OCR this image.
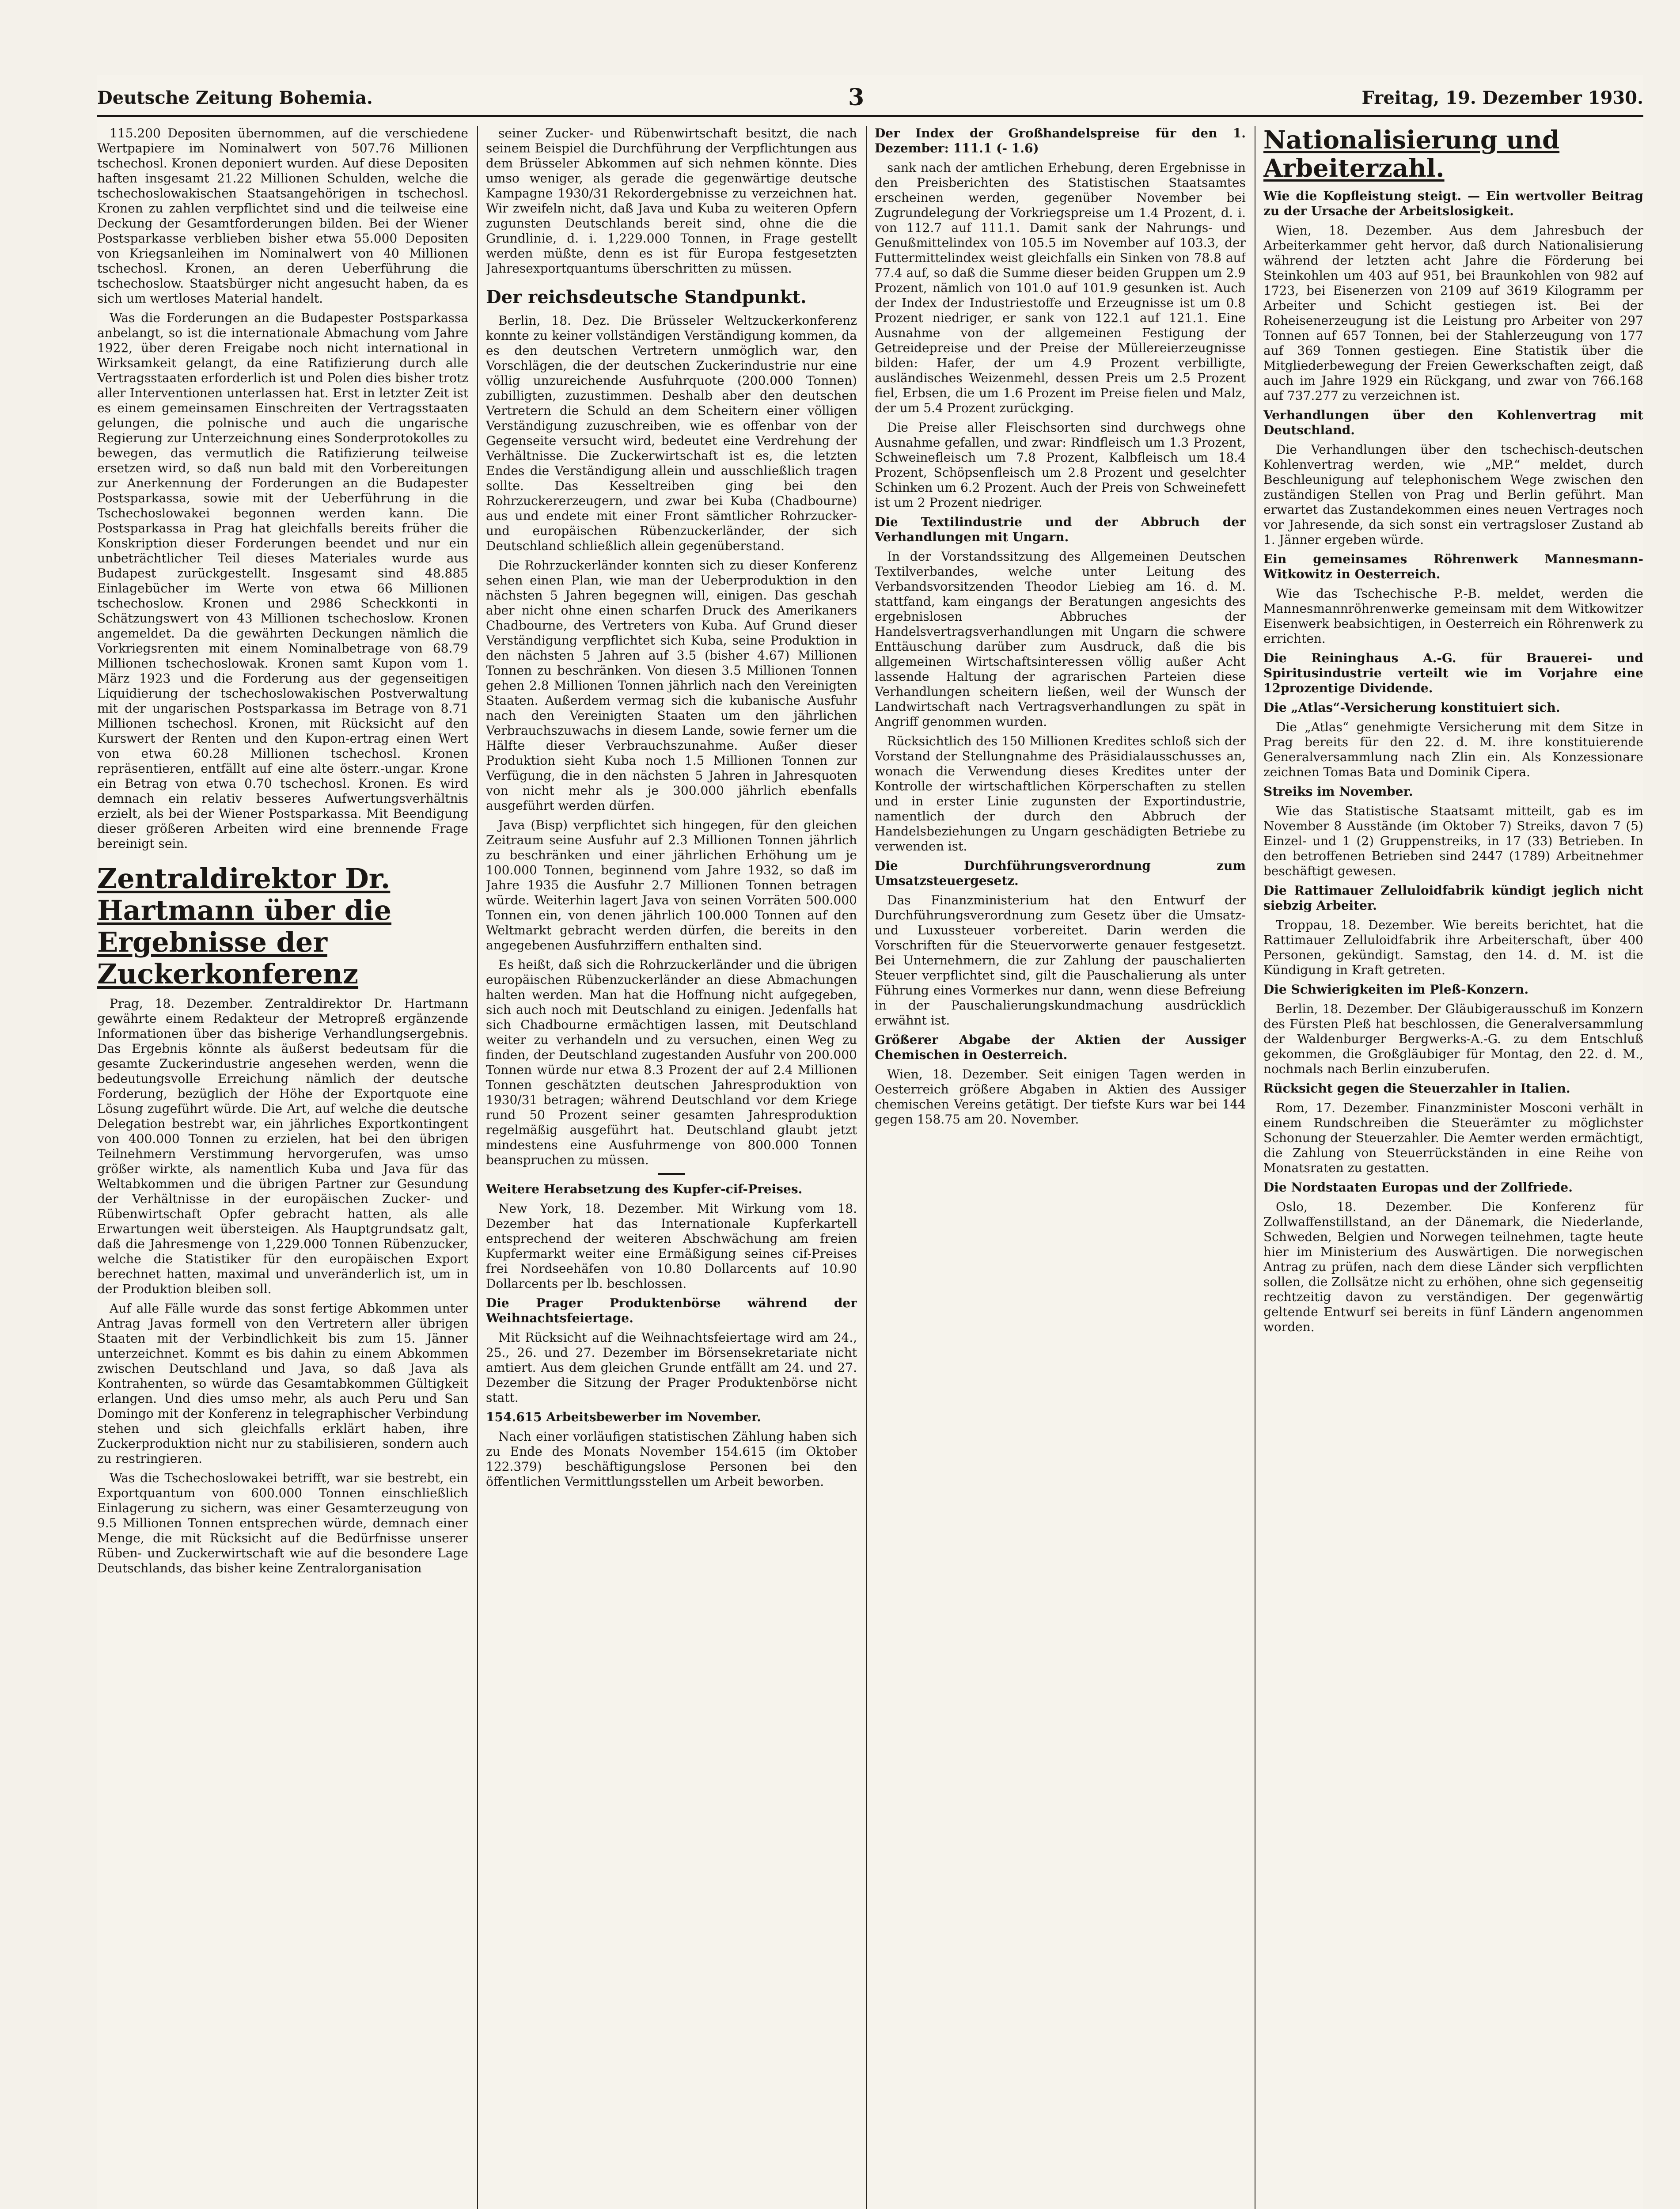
Deutsche Zeitung Bohemia.	3	Freitag, 19. Dezember 1930.

115.200 Depositen übernommen, auf die verschiedene Wertpapiere im Nominalwert von 507.76 Millionen tschechosl. Kronen deponiert wurden. Auf diese Depositen haften insgesamt 21.22 Millionen Schulden, welche die tschechoslowakischen Staatsangehörigen in tschechosl. Kronen zu zahlen verpflichtet sind und die teilweise eine Deckung der Gesamtforderungen bilden. Bei der Wiener Postsparkasse verblieben bisher etwa 55.000 Depositen von Kriegsanleihen im Nominalwert von 40 Millionen tschechosl. Kronen, an deren Ueberführung die tschechoslow. Staatsbürger nicht angesucht haben, da es sich um wertloses Material handelt.

Was die Forderungen an die Budapester Postsparkassa anbelangt, so ist die internationale Abmachung vom Jahre 1922, über deren Freigabe noch nicht international in Wirksamkeit gelangt, da eine Ratifizierung durch alle Vertragsstaaten erforderlich ist und Polen dies bisher trotz aller Interventionen unterlassen hat. Erst in letzter Zeit ist es einem gemeinsamen Einschreiten der Vertragsstaaten gelungen, die polnische und auch die ungarische Regierung zur Unterzeichnung eines Sonderprotokolles zu bewegen, das vermutlich die Ratifizierung teilweise ersetzen wird, so daß nun bald mit den Vorbereitungen zur Anerkennung der Forderungen an die Budapester Postsparkassa, sowie mit der Ueberführung in die Tschechoslowakei begonnen werden kann. Die Postsparkassa in Prag hat gleichfalls bereits früher die Konskription dieser Forderungen beendet und nur ein unbeträchtlicher Teil dieses Materiales wurde aus Budapest zurückgestellt. Insgesamt sind 48.885 Einlagebücher im Werte von etwa 66 Millionen tschechoslow. Kronen und 2986 Scheckkonti in Schätzungswert von 43 Millionen tschechoslow. Kronen angemeldet. Da die gewährten Deckungen nämlich die Vorkriegsrenten mit einem Nominalbetrage von 68.79 Millionen tschechoslowak. Kronen samt Kupon vom 1. März 1923 und die Forderung aus der gegenseitigen Liquidierung der tschechoslowakischen Postverwaltung mit der ungarischen Postsparkassa im Betrage von 8.71 Millionen tschechosl. Kronen, mit Rücksicht auf den Kurswert der Renten und den Kupon-ertrag einen Wert von etwa 60.28 Millionen tschechosl. Kronen repräsentieren, entfällt auf eine alte österr.-ungar. Krone ein Betrag von etwa 0.70 tschechosl. Kronen. Es wird demnach ein relativ besseres Aufwertungsverhältnis erzielt, als bei der Wiener Postsparkassa. Mit Beendigung dieser größeren Arbeiten wird eine brennende Frage bereinigt sein.

Zentraldirektor Dr. Hartmann über die Ergebnisse der Zuckerkonferenz

Prag, 18. Dezember. Zentraldirektor Dr. Hartmann gewährte einem Redakteur der Metropreß ergänzende Informationen über das bisherige Verhandlungsergebnis. Das Ergebnis könnte als äußerst bedeutsam für die gesamte Zuckerindustrie angesehen werden, wenn die bedeutungsvolle Erreichung nämlich der deutsche Forderung, bezüglich der Höhe der Exportquote eine Lösung zugeführt würde. Die Art, auf welche die deutsche Delegation bestrebt war, ein jährliches Exportkontingent von 400.000 Tonnen zu erzielen, hat bei den übrigen Teilnehmern Verstimmung hervorgerufen, was umso größer wirkte, als namentlich Kuba und Java für das Weltabkommen und die übrigen Partner zur Gesundung der Verhältnisse in der europäischen Zucker- und Rübenwirtschaft Opfer gebracht hatten, als alle Erwartungen weit übersteigen. Als Hauptgrundsatz galt, daß die Jahresmenge von 1,229.000 Tonnen Rübenzucker, welche die Statistiker für den europäischen Export berechnet hatten, maximal und unveränderlich ist, um in der Produktion bleiben soll.

Auf alle Fälle wurde das sonst fertige Abkommen unter Antrag Javas formell von den Vertretern aller übrigen Staaten mit der Verbindlichkeit bis zum 15. Jänner unterzeichnet. Kommt es bis dahin zu einem Abkommen zwischen Deutschland und Java, so daß Java als Kontrahenten, so würde das Gesamtabkommen Gültigkeit erlangen. Und dies umso mehr, als auch Peru und San Domingo mit der Konferenz in telegraphischer Verbindung stehen und sich gleichfalls erklärt haben, ihre Zuckerproduktion nicht nur zu stabilisieren, sondern auch zu restringieren.

Was die Tschechoslowakei betrifft, war sie bestrebt, ein Exportquantum von 600.000 Tonnen einschließlich Einlagerung zu sichern, was einer Gesamterzeugung von 9.5 Millionen Tonnen entsprechen würde, demnach einer Menge, die mit Rücksicht auf die Bedürfnisse unserer Rüben- und Zuckerwirtschaft wie auf die besondere Lage Deutschlands, das bisher keine Zentralorganisation

seiner Zucker- und Rübenwirtschaft besitzt, die nach seinem Beispiel die Durchführung der Verpflichtungen aus dem Brüsseler Abkommen auf sich nehmen könnte. Dies umso weniger, als gerade die gegenwärtige deutsche Kampagne 1930/31 Rekordergebnisse zu verzeichnen hat. Wir zweifeln nicht, daß Java und Kuba zu weiteren Opfern zugunsten Deutschlands bereit sind, ohne die die Grundlinie, d. i. 1,229.000 Tonnen, in Frage gestellt werden müßte, denn es ist für Europa festgesetzten Jahresexportquantums überschritten zu müssen.

Der reichsdeutsche Standpunkt.

Berlin, 18. Dez. Die Brüsseler Weltzuckerkonferenz konnte zu keiner vollständigen Verständigung kommen, da es den deutschen Vertretern unmöglich war, den Vorschlägen, die der deutschen Zuckerindustrie nur eine völlig unzureichende Ausfuhrquote (200.000 Tonnen) zubilligten, zuzustimmen. Deshalb aber den deutschen Vertretern die Schuld an dem Scheitern einer völligen Verständigung zuzuschreiben, wie es offenbar von der Gegenseite versucht wird, bedeutet eine Verdrehung der Verhältnisse. Die Zuckerwirtschaft ist es, die letzten Endes die Verständigung allein und ausschließlich tragen sollte. Das Kesseltreiben ging bei den Rohrzuckererzeugern, und zwar bei Kuba (Chadbourne) aus und endete mit einer Front sämtlicher Rohrzucker- und europäischen Rübenzuckerländer, der sich Deutschland schließlich allein gegenüberstand.

Die Rohrzuckerländer konnten sich zu dieser Konferenz sehen einen Plan, wie man der Ueberproduktion in den nächsten 5 Jahren begegnen will, einigen. Das geschah aber nicht ohne einen scharfen Druck des Amerikaners Chadbourne, des Vertreters von Kuba. Auf Grund dieser Verständigung verpflichtet sich Kuba, seine Produktion in den nächsten 5 Jahren auf 3.5 (bisher 4.67) Millionen Tonnen zu beschränken. Von diesen 3.5 Millionen Tonnen gehen 2.8 Millionen Tonnen jährlich nach den Vereinigten Staaten. Außerdem vermag sich die kubanische Ausfuhr nach den Vereinigten Staaten um den jährlichen Verbrauchszuwachs in diesem Lande, sowie ferner um die Hälfte dieser Verbrauchszunahme. Außer dieser Produktion sieht Kuba noch 1.5 Millionen Tonnen zur Verfügung, die in den nächsten 5 Jahren in Jahresquoten von nicht mehr als je 300.000 jährlich ebenfalls ausgeführt werden dürfen.

Java (Bisp) verpflichtet sich hingegen, für den gleichen Zeitraum seine Ausfuhr auf 2.3 Millionen Tonnen jährlich zu beschränken und einer jährlichen Erhöhung um je 100.000 Tonnen, beginnend vom Jahre 1932, so daß im Jahre 1935 die Ausfuhr 2.7 Millionen Tonnen betragen würde. Weiterhin lagert Java von seinen Vorräten 500.000 Tonnen ein, von denen jährlich 100.000 Tonnen auf den Weltmarkt gebracht werden dürfen, die bereits in den angegebenen Ausfuhrziffern enthalten sind.

Es heißt, daß sich die Rohrzuckerländer und die übrigen europäischen Rübenzuckerländer an diese Abmachungen halten werden. Man hat die Hoffnung nicht aufgegeben, sich auch noch mit Deutschland zu einigen. Jedenfalls hat sich Chadbourne ermächtigen lassen, mit Deutschland weiter zu verhandeln und zu versuchen, einen Weg zu finden, der Deutschland zugestanden Ausfuhr von 200.000 Tonnen würde nur etwa 8.3 Prozent der auf 2.4 Millionen Tonnen geschätzten deutschen Jahresproduktion von 1930/31 betragen; während Deutschland vor dem Kriege rund 50 Prozent seiner gesamten Jahresproduktion regelmäßig ausgeführt hat. Deutschland glaubt jetzt mindestens eine Ausfuhrmenge von 800.000 Tonnen beanspruchen zu müssen.

Weitere Herabsetzung des Kupfer-cif-Preises.

New York, 18. Dezember. Mit Wirkung vom 18. Dezember hat das Internationale Kupferkartell entsprechend der weiteren Abschwächung am freien Kupfermarkt weiter eine Ermäßigung seines cif-Preises frei Nordseehäfen von 10.80 Dollarcents auf 10.90 Dollarcents per lb. beschlossen.

Die Prager Produktenbörse während der Weihnachtsfeiertage.

Mit Rücksicht auf die Weihnachtsfeiertage wird am 24., 25., 26. und 27. Dezember im Börsensekretariate nicht amtiert. Aus dem gleichen Grunde entfällt am 24. und 27. Dezember die Sitzung der Prager Produktenbörse nicht statt.

154.615 Arbeitsbewerber im November.

Nach einer vorläufigen statistischen Zählung haben sich zu Ende des Monats November 154.615 (im Oktober 122.379) beschäftigungslose Personen bei den öffentlichen Vermittlungsstellen um Arbeit beworben.

Der Index der Großhandelspreise für den 1. Dezember: 111.1 (- 1.6)

sank nach der amtlichen Erhebung, deren Ergebnisse in den Preisberichten des Statistischen Staatsamtes erscheinen werden, gegenüber November bei Zugrundelegung der Vorkriegspreise um 1.4 Prozent, d. i. von 112.7 auf 111.1. Damit sank der Nahrungs- und Genußmittelindex von 105.5 im November auf 103.3, der Futtermittelindex weist gleichfalls ein Sinken von 78.8 auf 77.4 auf, so daß die Summe dieser beiden Gruppen um 2.9 Prozent, nämlich von 101.0 auf 101.9 gesunken ist. Auch der Index der Industriestoffe und Erzeugnisse ist um 0.8 Prozent niedriger, er sank von 122.1 auf 121.1. Eine Ausnahme von der allgemeinen Festigung der Getreidepreise und der Preise der Müllereierzeugnisse bilden: Hafer, der um 4.9 Prozent verbilligte, ausländisches Weizenmehl, dessen Preis um 2.5 Prozent fiel, Erbsen, die um 1.6 Prozent im Preise fielen und Malz, der um 5.4 Prozent zurückging.

Die Preise aller Fleischsorten sind durchwegs ohne Ausnahme gefallen, und zwar: Rindfleisch um 1.3 Prozent, Schweinefleisch um 7.8 Prozent, Kalbfleisch um 18.4 Prozent, Schöpsenfleisch um 2.8 Prozent und geselchter Schinken um 6.2 Prozent. Auch der Preis von Schweinefett ist um 2 Prozent niedriger.

Die Textilindustrie und der Abbruch der Verhandlungen mit Ungarn.

In der Vorstandssitzung des Allgemeinen Deutschen Textilverbandes, welche unter Leitung des Verbandsvorsitzenden Theodor Liebieg am 16. d. M. stattfand, kam eingangs der Beratungen angesichts des ergebnislosen Abbruches der Handelsvertragsverhandlungen mit Ungarn die schwere Enttäuschung darüber zum Ausdruck, daß die bis allgemeinen Wirtschaftsinteressen völlig außer Acht lassende Haltung der agrarischen Parteien diese Verhandlungen scheitern ließen, weil der Wunsch der Landwirtschaft nach Vertragsverhandlungen zu spät in Angriff genommen wurden.

Rücksichtlich des 150 Millionen Kredites schloß sich der Vorstand der Stellungnahme des Präsidialausschusses an, wonach die Verwendung dieses Kredites unter der Kontrolle der wirtschaftlichen Körperschaften zu stellen und in erster Linie zugunsten der Exportindustrie, namentlich der durch den Abbruch der Handelsbeziehungen zu Ungarn geschädigten Betriebe zu verwenden ist.

Die Durchführungsverordnung zum Umsatzsteuergesetz.

Das Finanzministerium hat den Entwurf der Durchführungsverordnung zum Gesetz über die Umsatz- und Luxussteuer vorbereitet. Darin werden die Vorschriften für die Steuervorwerte genauer festgesetzt. Bei Unternehmern, die zur Zahlung der pauschalierten Steuer verpflichtet sind, gilt die Pauschalierung als unter Führung eines Vormerkes nur dann, wenn diese Befreiung in der Pauschalierungskundmachung ausdrücklich erwähnt ist.

Größerer Abgabe der Aktien der Aussiger Chemischen in Oesterreich.

Wien, 18. Dezember. Seit einigen Tagen werden in Oesterreich größere Abgaben in Aktien des Aussiger chemischen Vereins getätigt. Der tiefste Kurs war bei 144 gegen 158.75 am 20. November.

Nationalisierung und Arbeiterzahl.

Wie die Kopfleistung steigt. — Ein wertvoller Beitrag zu der Ursache der Arbeitslosigkeit.

Wien, 18. Dezember. Aus dem Jahresbuch der Arbeiterkammer geht hervor, daß durch Nationalisierung während der letzten acht Jahre die Förderung bei Steinkohlen um 403 auf 951, bei Braunkohlen von 982 auf 1723, bei Eisenerzen von 2109 auf 3619 Kilogramm per Arbeiter und Schicht gestiegen ist. Bei der Roheisenerzeugung ist die Leistung pro Arbeiter von 297 Tonnen auf 657 Tonnen, bei der Stahlerzeugung von 177 auf 369 Tonnen gestiegen. Eine Statistik über die Mitgliederbewegung der Freien Gewerkschaften zeigt, daß auch im Jahre 1929 ein Rückgang, und zwar von 766.168 auf 737.277 zu verzeichnen ist.

Verhandlungen über den Kohlenvertrag mit Deutschland.

Die Verhandlungen über den tschechisch-deutschen Kohlenvertrag werden, wie „MP.“ meldet, durch Beschleunigung auf telephonischem Wege zwischen den zuständigen Stellen von Prag und Berlin geführt. Man erwartet das Zustandekommen eines neuen Vertrages noch vor Jahresende, da sich sonst ein vertragsloser Zustand ab 1. Jänner ergeben würde.

Ein gemeinsames Röhrenwerk Mannesmann-Witkowitz in Oesterreich.

Wie das Tschechische P.-B. meldet, werden die Mannesmannröhrenwerke gemeinsam mit dem Witkowitzer Eisenwerk beabsichtigen, in Oesterreich ein Röhrenwerk zu errichten.

Die Reininghaus A.-G. für Brauerei- und Spiritusindustrie verteilt wie im Vorjahre eine 12prozentige Dividende.

Die „Atlas“-Versicherung konstituiert sich.

Die „Atlas“ genehmigte Versicherung mit dem Sitze in Prag bereits für den 22. d. M. ihre konstituierende Generalversammlung nach Zlin ein. Als Konzessionare zeichnen Tomas Bata und Dominik Cipera.

Streiks im November.

Wie das Statistische Staatsamt mitteilt, gab es im November 8 Ausstände (im Oktober 7) Streiks, davon 7 (5) Einzel- und 1 (2) Gruppenstreiks, in 17 (33) Betrieben. In den betroffenen Betrieben sind 2447 (1789) Arbeitnehmer beschäftigt gewesen.

Die Rattimauer Zelluloidfabrik kündigt jeglich nicht siebzig Arbeiter.

Troppau, 18. Dezember. Wie bereits berichtet, hat die Rattimauer Zelluloidfabrik ihre Arbeiterschaft, über 400 Personen, gekündigt. Samstag, den 14. d. M. ist die Kündigung in Kraft getreten.

Die Schwierigkeiten im Pleß-Konzern.

Berlin, 18. Dezember. Der Gläubigerausschuß im Konzern des Fürsten Pleß hat beschlossen, die Generalversammlung der Waldenburger Bergwerks-A.-G. zu dem Entschluß gekommen, die Großgläubiger für Montag, den 22. d. M., nochmals nach Berlin einzuberufen.

Rücksicht gegen die Steuerzahler in Italien.

Rom, 17. Dezember. Finanzminister Mosconi verhält in einem Rundschreiben die Steuerämter zu möglichster Schonung der Steuerzahler. Die Aemter werden ermächtigt, die Zahlung von Steuerrückständen in eine Reihe von Monatsraten zu gestatten.

Die Nordstaaten Europas und der Zollfriede.

Oslo, 18. Dezember. Die Konferenz für Zollwaffenstillstand, an der Dänemark, die Niederlande, Schweden, Belgien und Norwegen teilnehmen, tagte heute hier im Ministerium des Auswärtigen. Die norwegischen Antrag zu prüfen, nach dem diese Länder sich verpflichten sollen, die Zollsätze nicht zu erhöhen, ohne sich gegenseitig rechtzeitig davon zu verständigen. Der gegenwärtig geltende Entwurf sei bereits in fünf Ländern angenommen worden.
